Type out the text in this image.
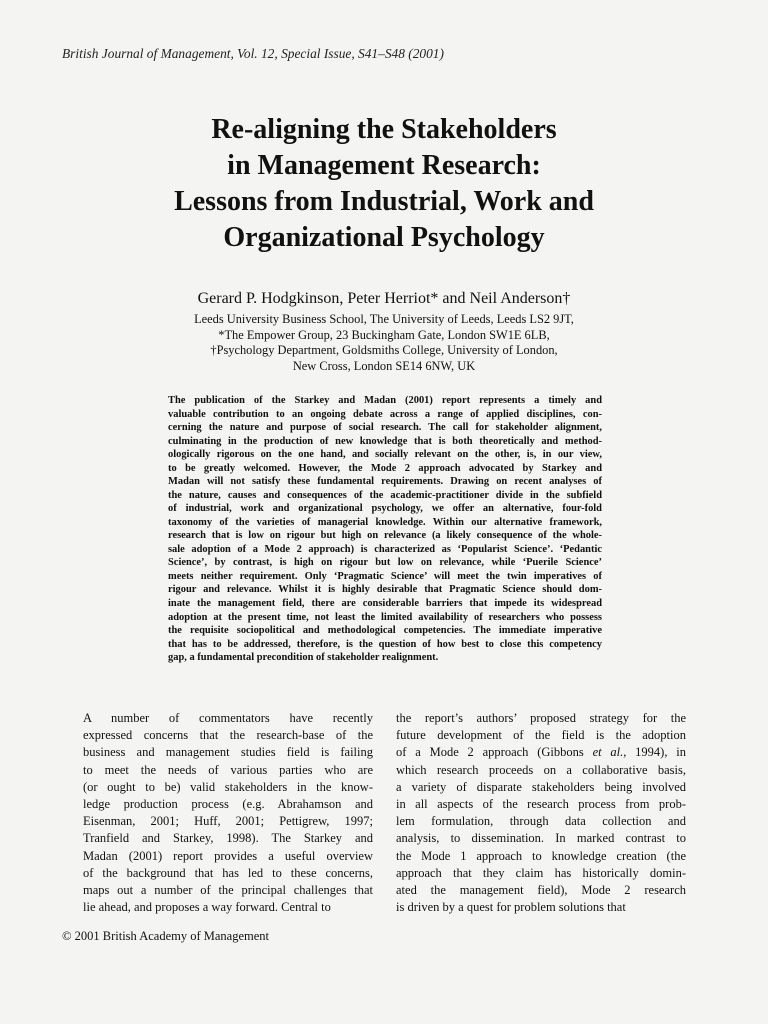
British Journal of Management, Vol. 12, Special Issue, S41–S48 (2001)
Re-aligning the Stakeholders
in Management Research:
Lessons from Industrial, Work and
Organizational Psychology
Gerard P. Hodgkinson, Peter Herriot* and Neil Anderson†
Leeds University Business School, The University of Leeds, Leeds LS2 9JT,
*The Empower Group, 23 Buckingham Gate, London SW1E 6LB,
†Psychology Department, Goldsmiths College, University of London,
New Cross, London SE14 6NW, UK
The publication of the Starkey and Madan (2001) report represents a timely and
valuable contribution to an ongoing debate across a range of applied disciplines, con-
cerning the nature and purpose of social research. The call for stakeholder alignment,
culminating in the production of new knowledge that is both theoretically and method-
ologically rigorous on the one hand, and socially relevant on the other, is, in our view,
to be greatly welcomed. However, the Mode 2 approach advocated by Starkey and
Madan will not satisfy these fundamental requirements. Drawing on recent analyses of
the nature, causes and consequences of the academic-practitioner divide in the subfield
of industrial, work and organizational psychology, we offer an alternative, four-fold
taxonomy of the varieties of managerial knowledge. Within our alternative framework,
research that is low on rigour but high on relevance (a likely consequence of the whole-
sale adoption of a Mode 2 approach) is characterized as ‘Popularist Science’. ‘Pedantic
Science’, by contrast, is high on rigour but low on relevance, while ‘Puerile Science’
meets neither requirement. Only ‘Pragmatic Science’ will meet the twin imperatives of
rigour and relevance. Whilst it is highly desirable that Pragmatic Science should dom-
inate the management field, there are considerable barriers that impede its widespread
adoption at the present time, not least the limited availability of researchers who possess
the requisite sociopolitical and methodological competencies. The immediate imperative
that has to be addressed, therefore, is the question of how best to close this competency
gap, a fundamental precondition of stakeholder realignment.
A number of commentators have recently
expressed concerns that the research-base of the
business and management studies field is failing
to meet the needs of various parties who are
(or ought to be) valid stakeholders in the know-
ledge production process (e.g. Abrahamson and
Eisenman, 2001; Huff, 2001; Pettigrew, 1997;
Tranfield and Starkey, 1998). The Starkey and
Madan (2001) report provides a useful overview
of the background that has led to these concerns,
maps out a number of the principal challenges that
lie ahead, and proposes a way forward. Central to
the report’s authors’ proposed strategy for the
future development of the field is the adoption
of a Mode 2 approach (Gibbons et al., 1994), in
which research proceeds on a collaborative basis,
a variety of disparate stakeholders being involved
in all aspects of the research process from prob-
lem formulation, through data collection and
analysis, to dissemination. In marked contrast to
the Mode 1 approach to knowledge creation (the
approach that they claim has historically domin-
ated the management field), Mode 2 research
is driven by a quest for problem solutions that
© 2001 British Academy of Management
